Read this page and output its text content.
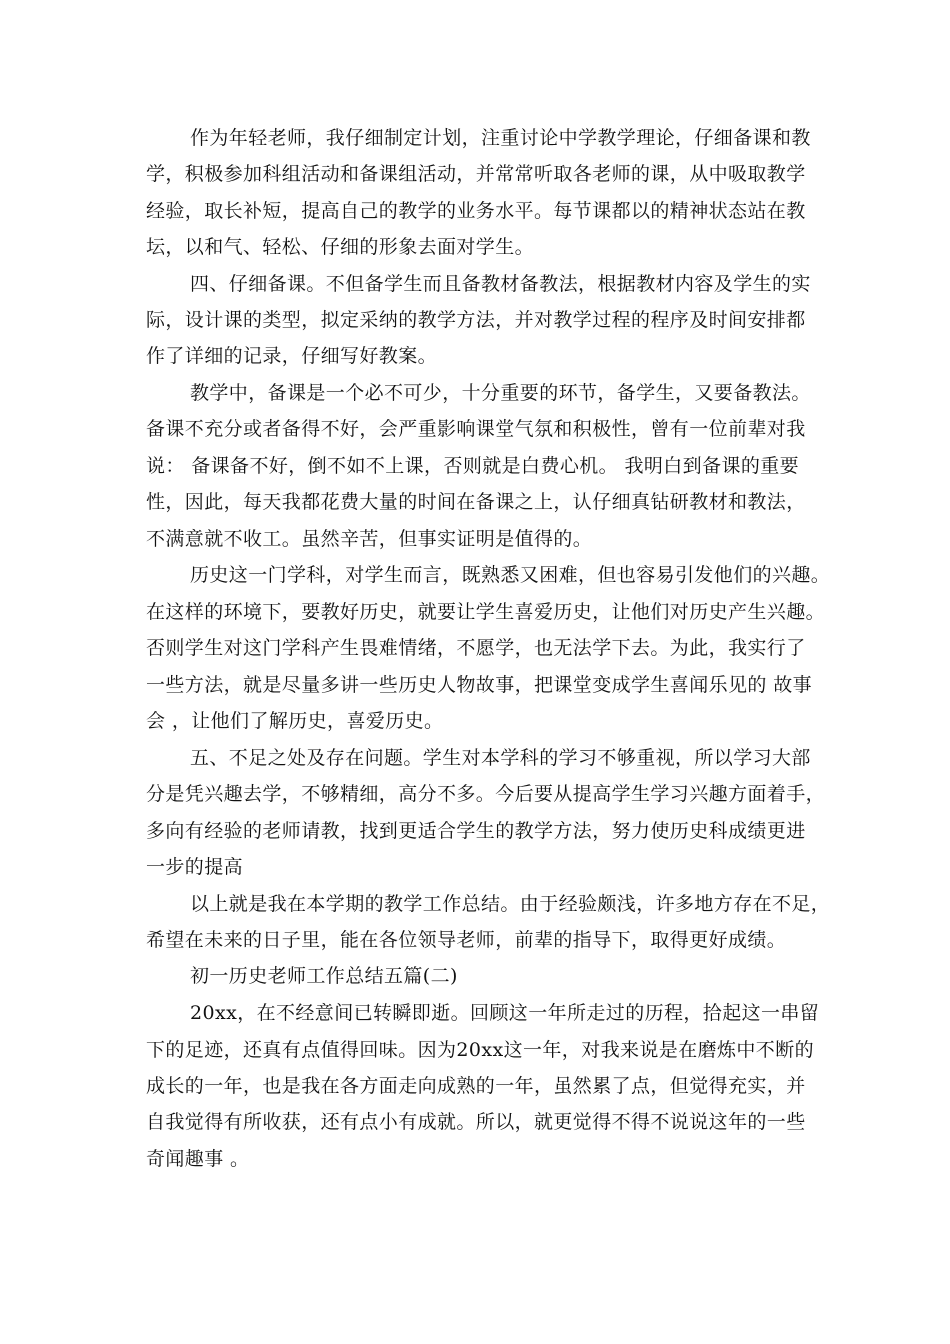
作为年轻老师，我仔细制定计划，注重讨论中学教学理论，仔细备课和教
学，积极参加科组活动和备课组活动，并常常听取各老师的课，从中吸取教学
经验，取长补短，提高自己的教学的业务水平。每节课都以的精神状态站在教
坛，以和气、轻松、仔细的形象去面对学生。
四、仔细备课。不但备学生而且备教材备教法，根据教材内容及学生的实
际，设计课的类型，拟定采纳的教学方法，并对教学过程的程序及时间安排都
作了详细的记录，仔细写好教案。
教学中，备课是一个必不可少，十分重要的环节，备学生，又要备教法。
备课不充分或者备得不好，会严重影响课堂气氛和积极性，曾有一位前辈对我
说： 备课备不好，倒不如不上课，否则就是白费心机。 我明白到备课的重要
性，因此，每天我都花费大量的时间在备课之上，认仔细真钻研教材和教法，
不满意就不收工。虽然辛苦，但事实证明是值得的。
历史这一门学科，对学生而言，既熟悉又困难，但也容易引发他们的兴趣。
在这样的环境下，要教好历史，就要让学生喜爱历史，让他们对历史产生兴趣。
否则学生对这门学科产生畏难情绪，不愿学，也无法学下去。为此，我实行了
一些方法，就是尽量多讲一些历史人物故事，把课堂变成学生喜闻乐见的 故事
会 ，让他们了解历史，喜爱历史。
五、不足之处及存在问题。学生对本学科的学习不够重视，所以学习大部
分是凭兴趣去学，不够精细，高分不多。今后要从提高学生学习兴趣方面着手，
多向有经验的老师请教，找到更适合学生的教学方法，努力使历史科成绩更进
一步的提高
以上就是我在本学期的教学工作总结。由于经验颇浅，许多地方存在不足，
希望在未来的日子里，能在各位领导老师，前辈的指导下，取得更好成绩。
初一历史老师工作总结五篇(二)
20xx，在不经意间已转瞬即逝。回顾这一年所走过的历程，拾起这一串留
下的足迹，还真有点值得回味。因为20xx这一年，对我来说是在磨炼中不断的
成长的一年，也是我在各方面走向成熟的一年，虽然累了点，但觉得充实，并
自我觉得有所收获，还有点小有成就。所以，就更觉得不得不说说这年的一些
奇闻趣事 。
